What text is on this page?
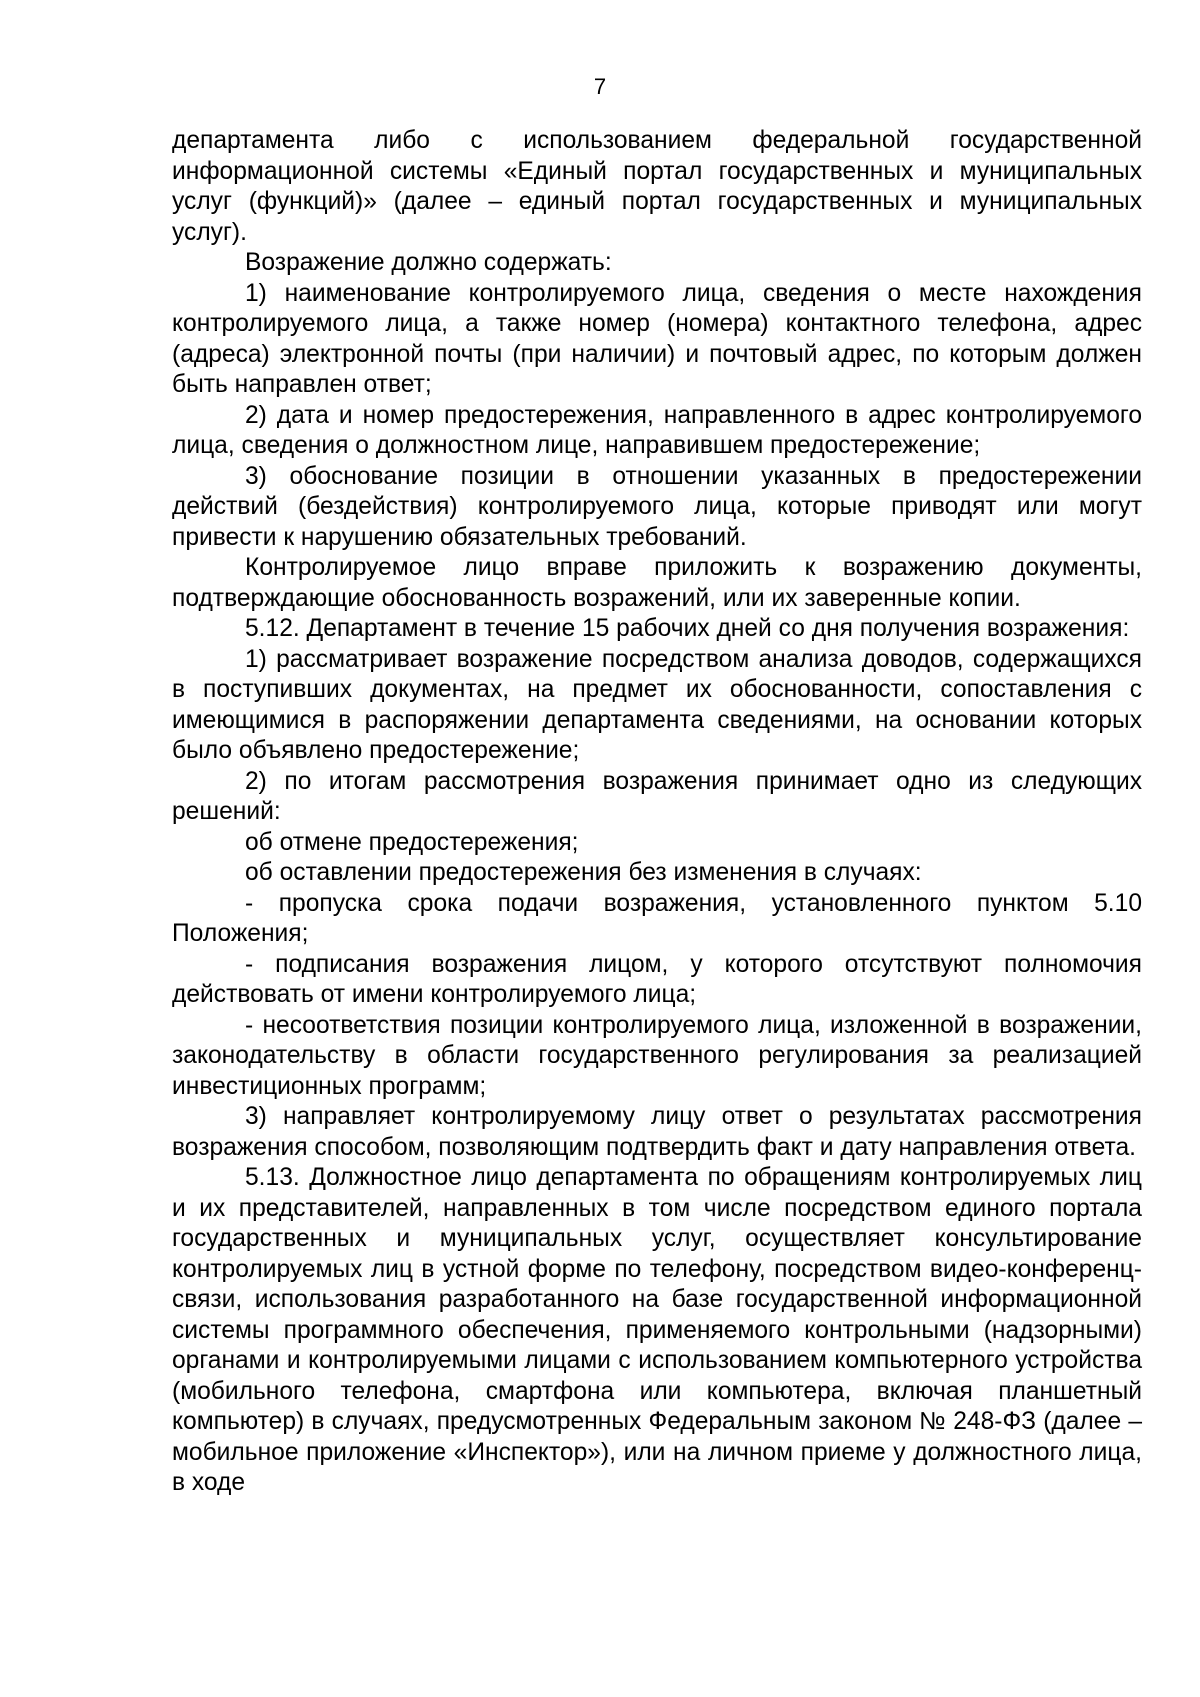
7

департамента либо с использованием федеральной государственной информационной системы «Единый портал государственных и муниципальных услуг (функций)» (далее – единый портал государственных и муниципальных услуг).

Возражение должно содержать:

1) наименование контролируемого лица, сведения о месте нахождения контролируемого лица, а также номер (номера) контактного телефона, адрес (адреса) электронной почты (при наличии) и почтовый адрес, по которым должен быть направлен ответ;

2) дата и номер предостережения, направленного в адрес контролируемого лица, сведения о должностном лице, направившем предостережение;

3) обоснование позиции в отношении указанных в предостережении действий (бездействия) контролируемого лица, которые приводят или могут привести к нарушению обязательных требований.

Контролируемое лицо вправе приложить к возражению документы, подтверждающие обоснованность возражений, или их заверенные копии.

5.12. Департамент в течение 15 рабочих дней со дня получения возражения:

1) рассматривает возражение посредством анализа доводов, содержащихся в поступивших документах, на предмет их обоснованности, сопоставления с имеющимися в распоряжении департамента сведениями, на основании которых было объявлено предостережение;

2) по итогам рассмотрения возражения принимает одно из следующих решений:

об отмене предостережения;

об оставлении предостережения без изменения в случаях:

- пропуска срока подачи возражения, установленного пунктом 5.10 Положения;

- подписания возражения лицом, у которого отсутствуют полномочия действовать от имени контролируемого лица;

- несоответствия позиции контролируемого лица, изложенной в возражении, законодательству в области государственного регулирования за реализацией инвестиционных программ;

3) направляет контролируемому лицу ответ о результатах рассмотрения возражения способом, позволяющим подтвердить факт и дату направления ответа.

5.13. Должностное лицо департамента по обращениям контролируемых лиц и их представителей, направленных в том числе посредством единого портала государственных и муниципальных услуг, осуществляет консультирование контролируемых лиц в устной форме по телефону, посредством видео-конференц-связи, использования разработанного на базе государственной информационной системы программного обеспечения, применяемого контрольными (надзорными) органами и контролируемыми лицами с использованием компьютерного устройства (мобильного телефона, смартфона или компьютера, включая планшетный компьютер) в случаях, предусмотренных Федеральным законом № 248-ФЗ (далее – мобильное приложение «Инспектор»), или на личном приеме у должностного лица, в ходе
